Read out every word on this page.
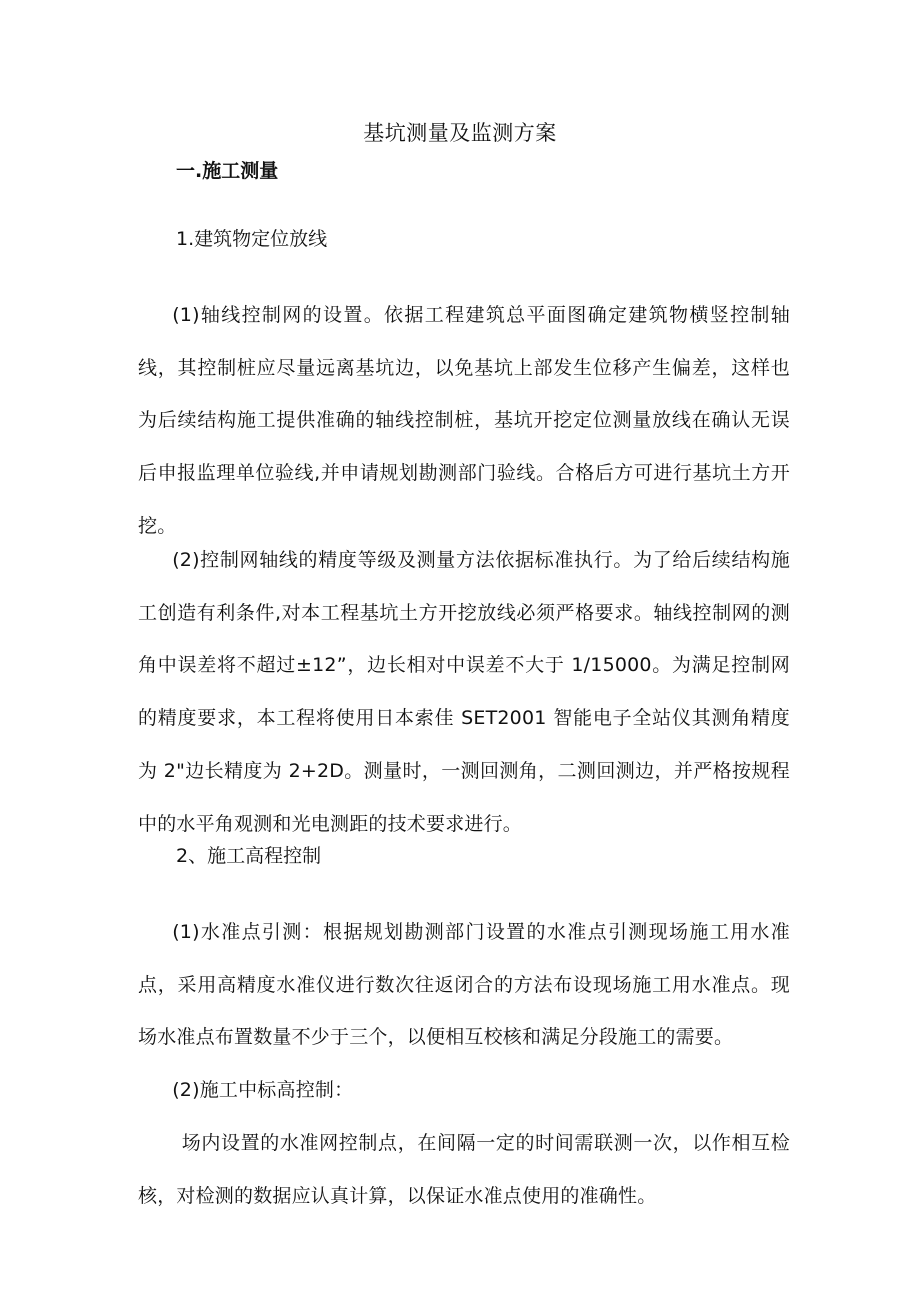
基坑测量及监测方案
一.施工测量
1.建筑物定位放线

(1)轴线控制网的设置。依据工程建筑总平面图确定建筑物横竖控制轴线，其控制桩应尽量远离基坑边，以免基坑上部发生位移产生偏差，这样也为后续结构施工提供准确的轴线控制桩，基坑开挖定位测量放线在确认无误后申报监理单位验线,并申请规划勘测部门验线。合格后方可进行基坑土方开挖。

(2)控制网轴线的精度等级及测量方法依据标准执行。为了给后续结构施工创造有利条件,对本工程基坑土方开挖放线必须严格要求。轴线控制网的测角中误差将不超过±12”，边长相对中误差不大于 1/15000。为满足控制网的精度要求，本工程将使用日本索佳 SET2001 智能电子全站仪其测角精度为 2"边长精度为 2+2D。测量时，一测回测角，二测回测边，并严格按规程中的水平角观测和光电测距的技术要求进行。

2、施工高程控制

(1)水准点引测：根据规划勘测部门设置的水准点引测现场施工用水准点，采用高精度水准仪进行数次往返闭合的方法布设现场施工用水准点。现场水准点布置数量不少于三个，以便相互校核和满足分段施工的需要。

(2)施工中标高控制：

场内设置的水准网控制点，在间隔一定的时间需联测一次，以作相互检核，对检测的数据应认真计算，以保证水准点使用的准确性。
